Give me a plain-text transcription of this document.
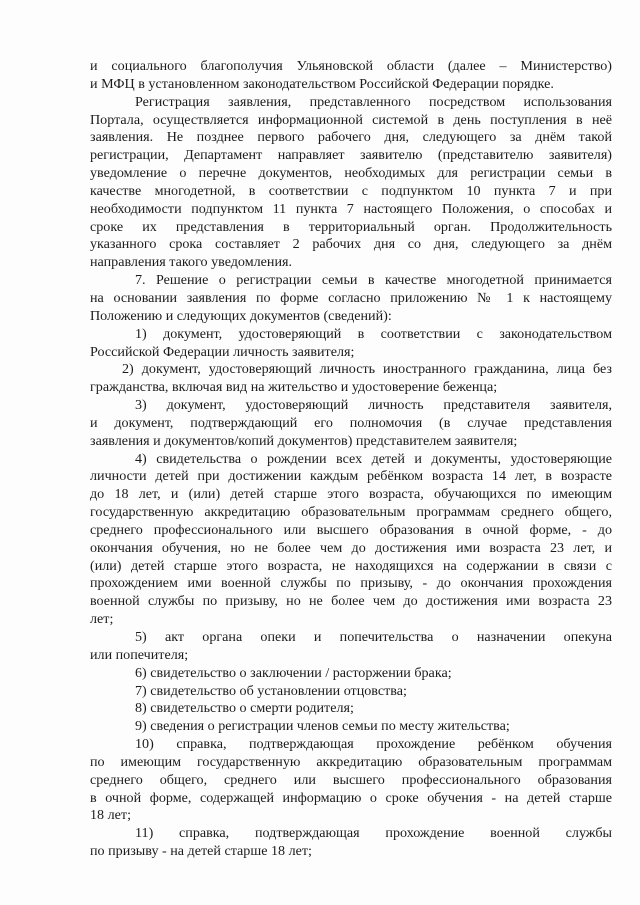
и социального благополучия Ульяновской области (далее – Министерство)
и МФЦ в установленном законодательством Российской Федерации порядке.

Регистрация заявления, представленного посредством использования
Портала, осуществляется информационной системой в день поступления в неё
заявления. Не позднее первого рабочего дня, следующего за днём такой
регистрации, Департамент направляет заявителю (представителю заявителя)
уведомление о перечне документов, необходимых для регистрации семьи в
качестве многодетной, в соответствии с подпунктом 10 пункта 7 и при
необходимости подпунктом 11 пункта 7 настоящего Положения, о способах и
сроке их представления в территориальный орган. Продолжительность
указанного срока составляет 2 рабочих дня со дня, следующего за днём
направления такого уведомления.

7. Решение о регистрации семьи в качестве многодетной принимается
на основании заявления по форме согласно приложению № 1 к настоящему
Положению и следующих документов (сведений):

1) документ, удостоверяющий в соответствии с законодательством
Российской Федерации личность заявителя;

2) документ, удостоверяющий личность иностранного гражданина, лица без
гражданства, включая вид на жительство и удостоверение беженца;

3) документ, удостоверяющий личность представителя заявителя,
и документ, подтверждающий его полномочия (в случае представления
заявления и документов/копий документов) представителем заявителя;

4) свидетельства о рождении всех детей и документы, удостоверяющие
личности детей при достижении каждым ребёнком возраста 14 лет, в возрасте
до 18 лет, и (или) детей старше этого возраста, обучающихся по имеющим
государственную аккредитацию образовательным программам среднего общего,
среднего профессионального или высшего образования в очной форме, - до
окончания обучения, но не более чем до достижения ими возраста 23 лет, и
(или) детей старше этого возраста, не находящихся на содержании в связи с
прохождением ими военной службы по призыву, - до окончания прохождения
военной службы по призыву, но не более чем до достижения ими возраста 23
лет;

5) акт органа опеки и попечительства о назначении опекуна
или попечителя;

6) свидетельство о заключении / расторжении брака;

7) свидетельство об установлении отцовства;

8) свидетельство о смерти родителя;

9) сведения о регистрации членов семьи по месту жительства;

10) справка, подтверждающая прохождение ребёнком обучения
по имеющим государственную аккредитацию образовательным программам
среднего общего, среднего или высшего профессионального образования
в очной форме, содержащей информацию о сроке обучения - на детей старше
18 лет;

11) справка, подтверждающая прохождение военной службы
по призыву - на детей старше 18 лет;
